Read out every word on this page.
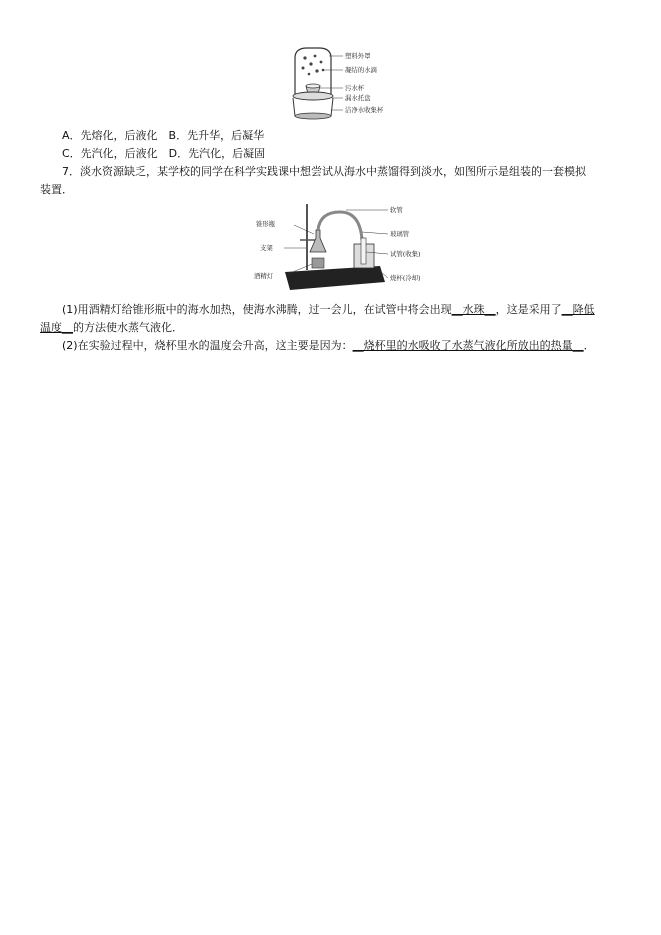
塑料外罩
凝结的水滴
污水杯
漏水托盘
洁净水收集杯
A．先熔化，后液化　B．先升华，后凝华
C．先汽化，后液化　D．先汽化，后凝固
7．淡水资源缺乏，某学校的同学在科学实践课中想尝试从海水中蒸馏得到淡水，如图所示是组装的一套模拟
装置．
锥形瓶
支架
酒精灯
软管
玻璃管
试管(收集)
烧杯(冷却)
(1)用酒精灯给锥形瓶中的海水加热，使海水沸腾，过一会儿，在试管中将会出现__水珠__，这是采用了__降低
温度__的方法使水蒸气液化．
(2)在实验过程中，烧杯里水的温度会升高，这主要是因为：__烧杯里的水吸收了水蒸气液化所放出的热量__．
